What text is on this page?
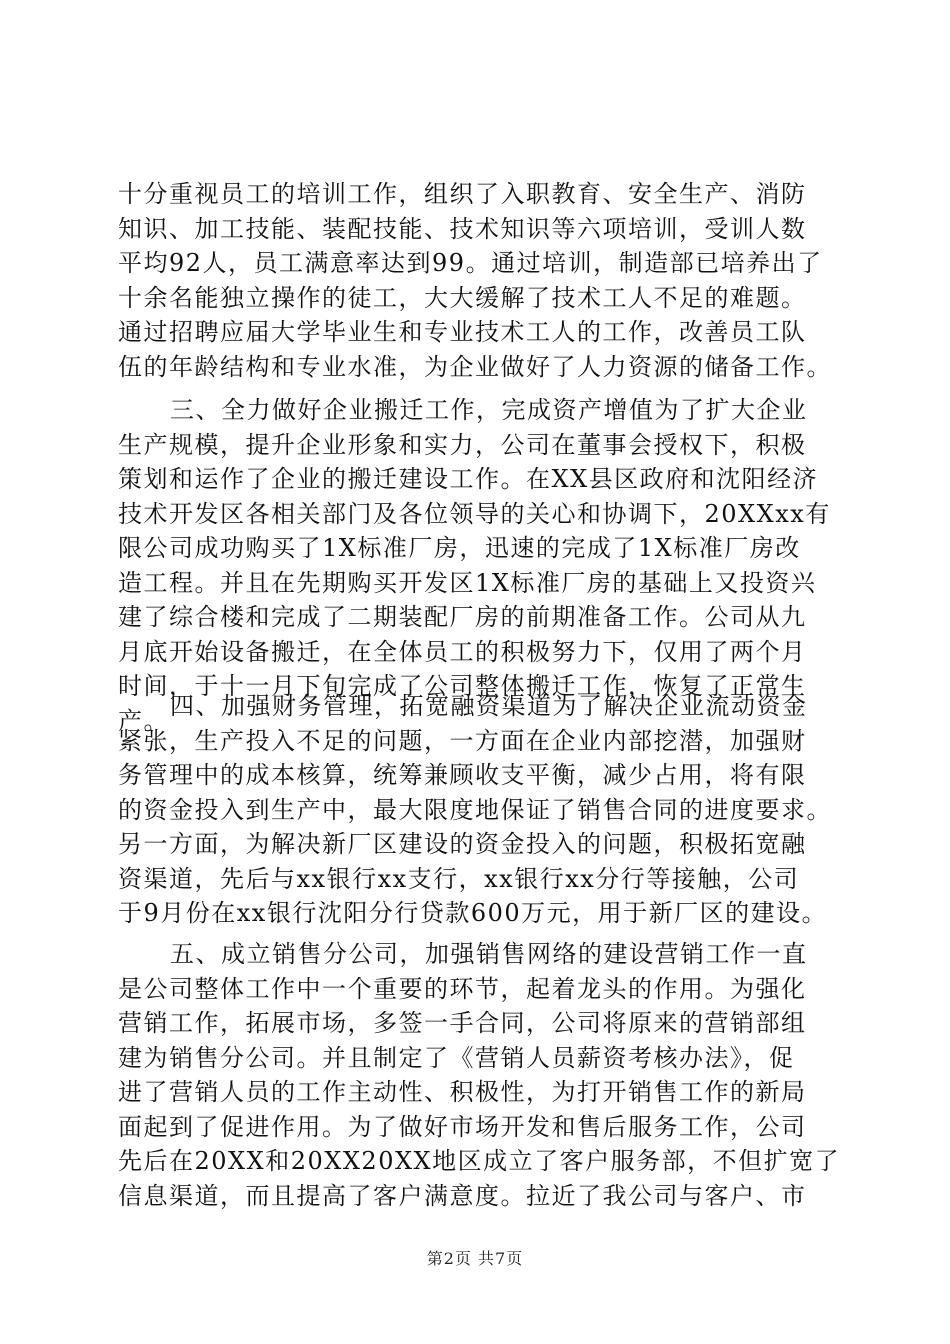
十分重视员工的培训工作，组织了入职教育、安全生产、消防
知识、加工技能、装配技能、技术知识等六项培训，受训人数
平均92人，员工满意率达到99。通过培训，制造部已培养出了
十余名能独立操作的徒工，大大缓解了技术工人不足的难题。
通过招聘应届大学毕业生和专业技术工人的工作，改善员工队
伍的年龄结构和专业水准，为企业做好了人力资源的储备工作。
三、全力做好企业搬迁工作，完成资产增值为了扩大企业
生产规模，提升企业形象和实力，公司在董事会授权下，积极
策划和运作了企业的搬迁建设工作。在XX县区政府和沈阳经济
技术开发区各相关部门及各位领导的关心和协调下，20XXxx有
限公司成功购买了1X标准厂房，迅速的完成了1X标准厂房改
造工程。并且在先期购买开发区1X标准厂房的基础上又投资兴
建了综合楼和完成了二期装配厂房的前期准备工作。公司从九
月底开始设备搬迁，在全体员工的积极努力下，仅用了两个月
时间，于十一月下旬完成了公司整体搬迁工作，恢复了正常生
产。
四、加强财务管理，拓宽融资渠道为了解决企业流动资金
紧张，生产投入不足的问题，一方面在企业内部挖潜，加强财
务管理中的成本核算，统筹兼顾收支平衡，减少占用，将有限
的资金投入到生产中，最大限度地保证了销售合同的进度要求。
另一方面，为解决新厂区建设的资金投入的问题，积极拓宽融
资渠道，先后与xx银行xx支行，xx银行xx分行等接触，公司
于9月份在xx银行沈阳分行贷款600万元，用于新厂区的建设。
五、成立销售分公司，加强销售网络的建设营销工作一直
是公司整体工作中一个重要的环节，起着龙头的作用。为强化
营销工作，拓展市场，多签一手合同，公司将原来的营销部组
建为销售分公司。并且制定了《营销人员薪资考核办法》，促
进了营销人员的工作主动性、积极性，为打开销售工作的新局
面起到了促进作用。为了做好市场开发和售后服务工作，公司
先后在20XX和20XX20XX地区成立了客户服务部，不但扩宽了
信息渠道，而且提高了客户满意度。拉近了我公司与客户、市
第2页 共7页
